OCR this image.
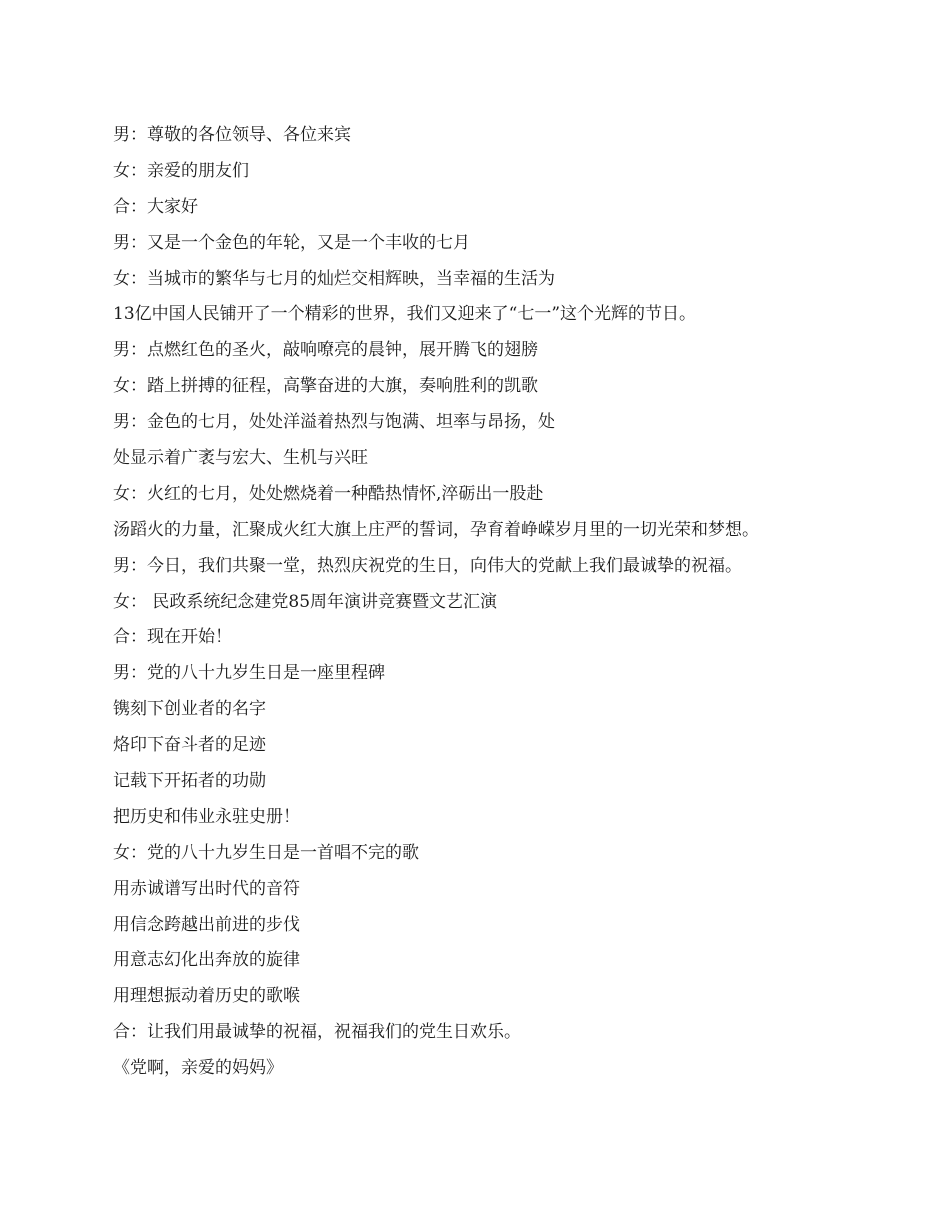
男：尊敬的各位领导、各位来宾

女：亲爱的朋友们

合：大家好

男：又是一个金色的年轮，又是一个丰收的七月

女：当城市的繁华与七月的灿烂交相辉映，当幸福的生活为

13亿中国人民铺开了一个精彩的世界，我们又迎来了“七一”这个光辉的节日。

男：点燃红色的圣火，敲响嘹亮的晨钟，展开腾飞的翅膀

女：踏上拼搏的征程，高擎奋进的大旗，奏响胜利的凯歌

男：金色的七月，处处洋溢着热烈与饱满、坦率与昂扬，处

处显示着广袤与宏大、生机与兴旺

女：火红的七月，处处燃烧着一种酷热情怀,淬砺出一股赴

汤蹈火的力量，汇聚成火红大旗上庄严的誓词，孕育着峥嵘岁月里的一切光荣和梦想。

男：今日，我们共聚一堂，热烈庆祝党的生日，向伟大的党献上我们最诚挚的祝福。

女： 民政系统纪念建党85周年演讲竞赛暨文艺汇演

合：现在开始！

男：党的八十九岁生日是一座里程碑

镌刻下创业者的名字

烙印下奋斗者的足迹

记载下开拓者的功勋

把历史和伟业永驻史册！

女：党的八十九岁生日是一首唱不完的歌

用赤诚谱写出时代的音符

用信念跨越出前进的步伐

用意志幻化出奔放的旋律

用理想振动着历史的歌喉

合：让我们用最诚挚的祝福，祝福我们的党生日欢乐。

《党啊，亲爱的妈妈》
